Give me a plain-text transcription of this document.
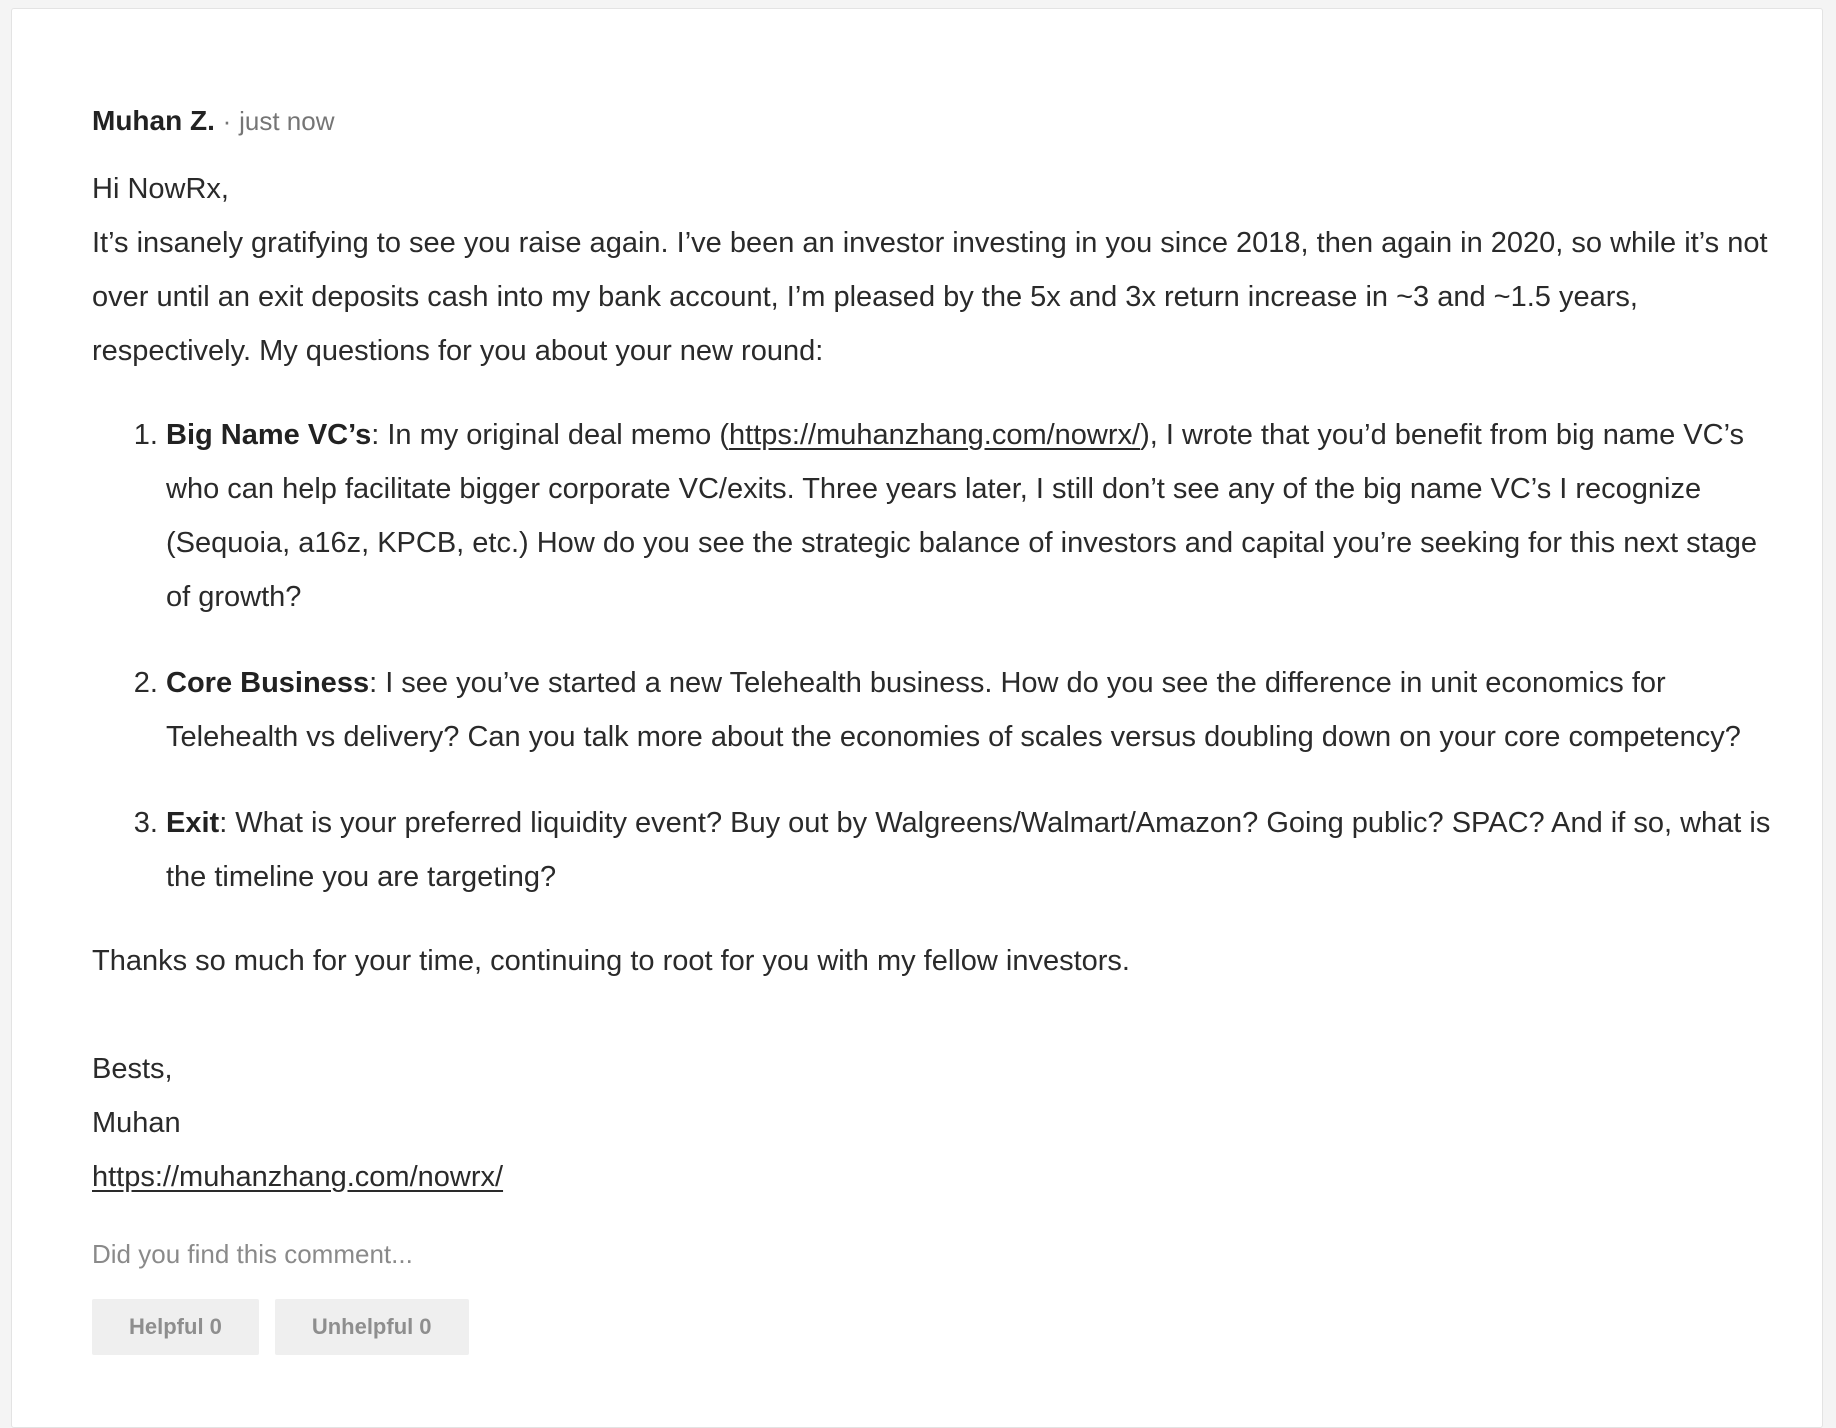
Muhan Z. · just now

Hi NowRx,

It’s insanely gratifying to see you raise again. I’ve been an investor investing in you since 2018, then again in 2020, so while it’s not over until an exit deposits cash into my bank account, I’m pleased by the 5x and 3x return increase in ~3 and ~1.5 years, respectively. My questions for you about your new round:

1. Big Name VC’s: In my original deal memo (https://muhanzhang.com/nowrx/), I wrote that you’d benefit from big name VC’s who can help facilitate bigger corporate VC/exits. Three years later, I still don’t see any of the big name VC’s I recognize (Sequoia, a16z, KPCB, etc.) How do you see the strategic balance of investors and capital you’re seeking for this next stage of growth?
2. Core Business: I see you’ve started a new Telehealth business. How do you see the difference in unit economics for Telehealth vs delivery? Can you talk more about the economies of scales versus doubling down on your core competency?
3. Exit: What is your preferred liquidity event? Buy out by Walgreens/Walmart/Amazon? Going public? SPAC? And if so, what is the timeline you are targeting?

Thanks so much for your time, continuing to root for you with my fellow investors.

Bests,

Muhan

https://muhanzhang.com/nowrx/

Did you find this comment...
Helpful 0	Unhelpful 0
